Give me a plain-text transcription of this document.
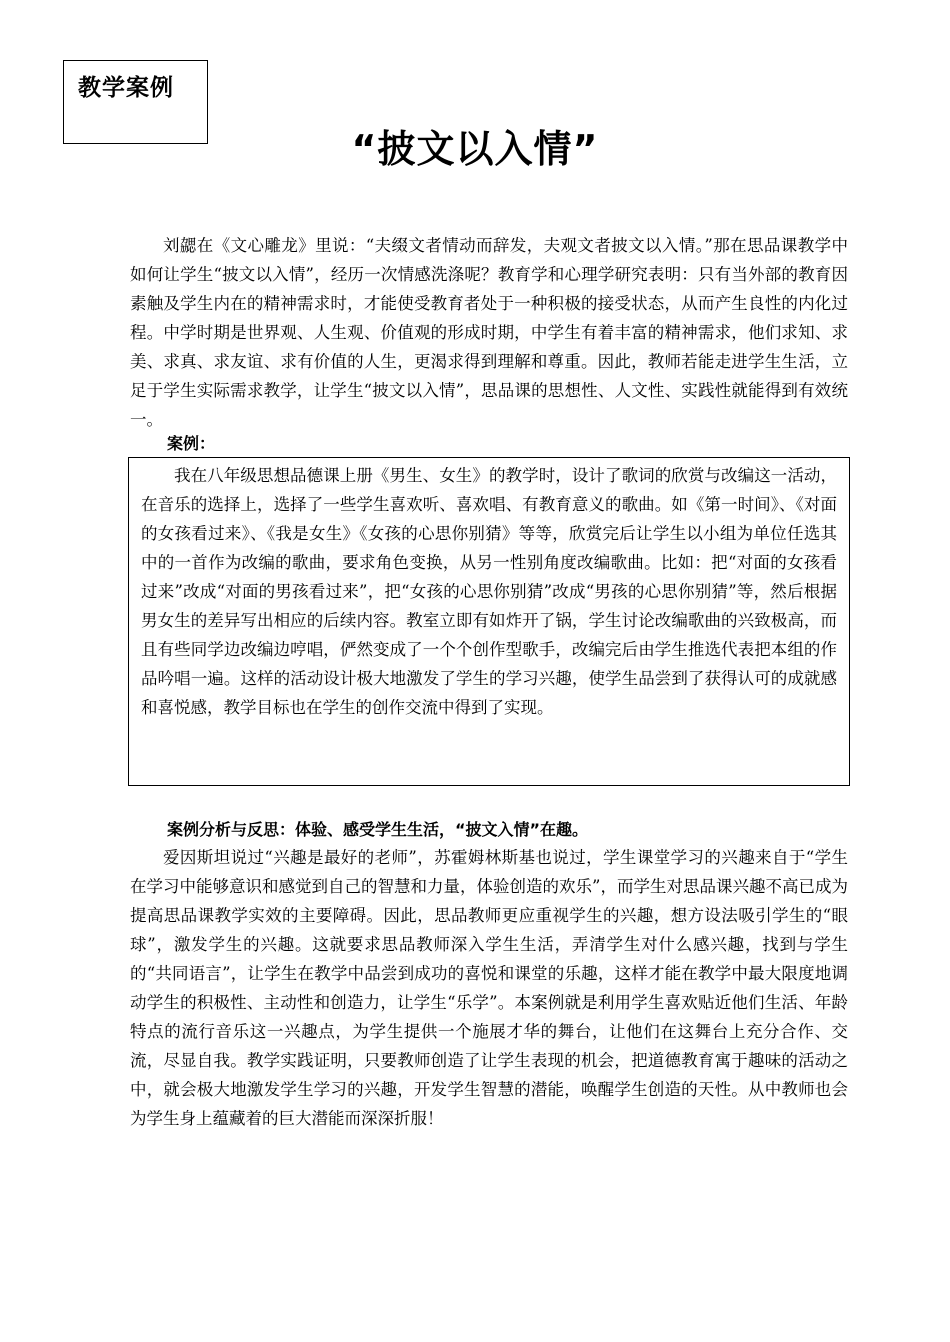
教学案例
“披文以入情”

刘勰在《文心雕龙》里说：“夫缀文者情动而辞发，夫观文者披文以入情。”那在思品课教学中如何让学生“披文以入情”，经历一次情感洗涤呢？教育学和心理学研究表明：只有当外部的教育因素触及学生内在的精神需求时，才能使受教育者处于一种积极的接受状态，从而产生良性的内化过程。中学时期是世界观、人生观、价值观的形成时期，中学生有着丰富的精神需求，他们求知、求美、求真、求友谊、求有价值的人生，更渴求得到理解和尊重。因此，教师若能走进学生生活，立足于学生实际需求教学，让学生“披文以入情”，思品课的思想性、人文性、实践性就能得到有效统一。

案例：

我在八年级思想品德课上册《男生、女生》的教学时，设计了歌词的欣赏与改编这一活动，在音乐的选择上，选择了一些学生喜欢听、喜欢唱、有教育意义的歌曲。如《第一时间》、《对面的女孩看过来》、《我是女生》《女孩的心思你别猜》等等，欣赏完后让学生以小组为单位任选其中的一首作为改编的歌曲，要求角色变换，从另一性别角度改编歌曲。比如：把“对面的女孩看过来”改成“对面的男孩看过来”，把“女孩的心思你别猜”改成“男孩的心思你别猜”等，然后根据男女生的差异写出相应的后续内容。教室立即有如炸开了锅，学生讨论改编歌曲的兴致极高，而且有些同学边改编边哼唱，俨然变成了一个个创作型歌手，改编完后由学生推选代表把本组的作品吟唱一遍。这样的活动设计极大地激发了学生的学习兴趣，使学生品尝到了获得认可的成就感和喜悦感，教学目标也在学生的创作交流中得到了实现。

案例分析与反思：体验、感受学生生活，“披文入情”在趣。

爱因斯坦说过“兴趣是最好的老师”，苏霍姆林斯基也说过，学生课堂学习的兴趣来自于“学生在学习中能够意识和感觉到自己的智慧和力量，体验创造的欢乐”，而学生对思品课兴趣不高已成为提高思品课教学实效的主要障碍。因此，思品教师更应重视学生的兴趣，想方设法吸引学生的“眼球”，激发学生的兴趣。这就要求思品教师深入学生生活，弄清学生对什么感兴趣，找到与学生的“共同语言”，让学生在教学中品尝到成功的喜悦和课堂的乐趣，这样才能在教学中最大限度地调动学生的积极性、主动性和创造力，让学生“乐学”。本案例就是利用学生喜欢贴近他们生活、年龄特点的流行音乐这一兴趣点，为学生提供一个施展才华的舞台，让他们在这舞台上充分合作、交流，尽显自我。教学实践证明，只要教师创造了让学生表现的机会，把道德教育寓于趣味的活动之中，就会极大地激发学生学习的兴趣，开发学生智慧的潜能，唤醒学生创造的天性。从中教师也会为学生身上蕴藏着的巨大潜能而深深折服！
